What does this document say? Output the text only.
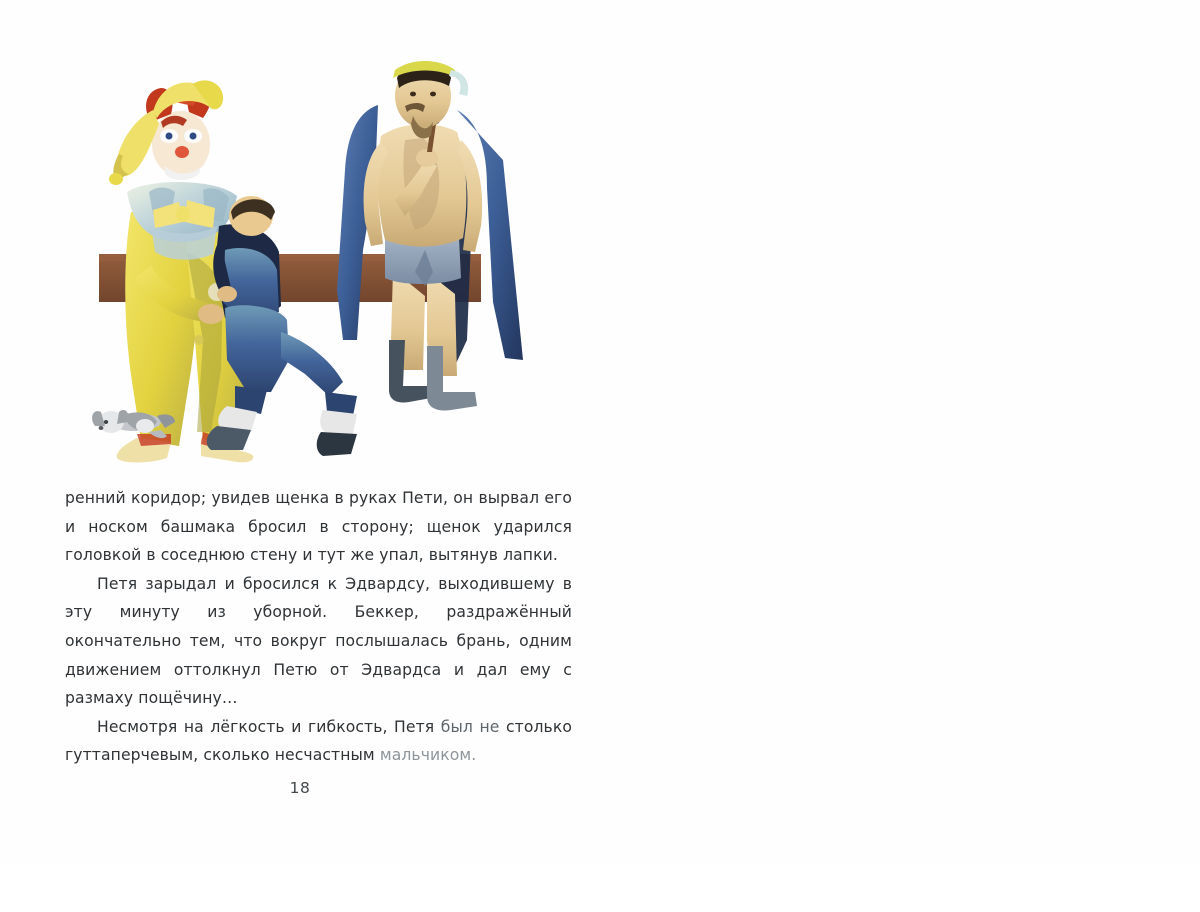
ренний коридор; увидев щенка в руках Пети, он вырвал его и носком башмака бросил в сторону; щенок ударился головкой в соседнюю стену и тут же упал, вытянув лапки.

Петя зарыдал и бросился к Эдвардсу, выходившему в эту минуту из уборной. Беккер, раздражённый окончательно тем, что вокруг послышалась брань, одним движением оттолкнул Петю от Эдвардса и дал ему с размаху пощёчину…

Несмотря на лёгкость и гибкость, Петя был не столько гуттаперчевым, сколько несчастным мальчиком.

18
